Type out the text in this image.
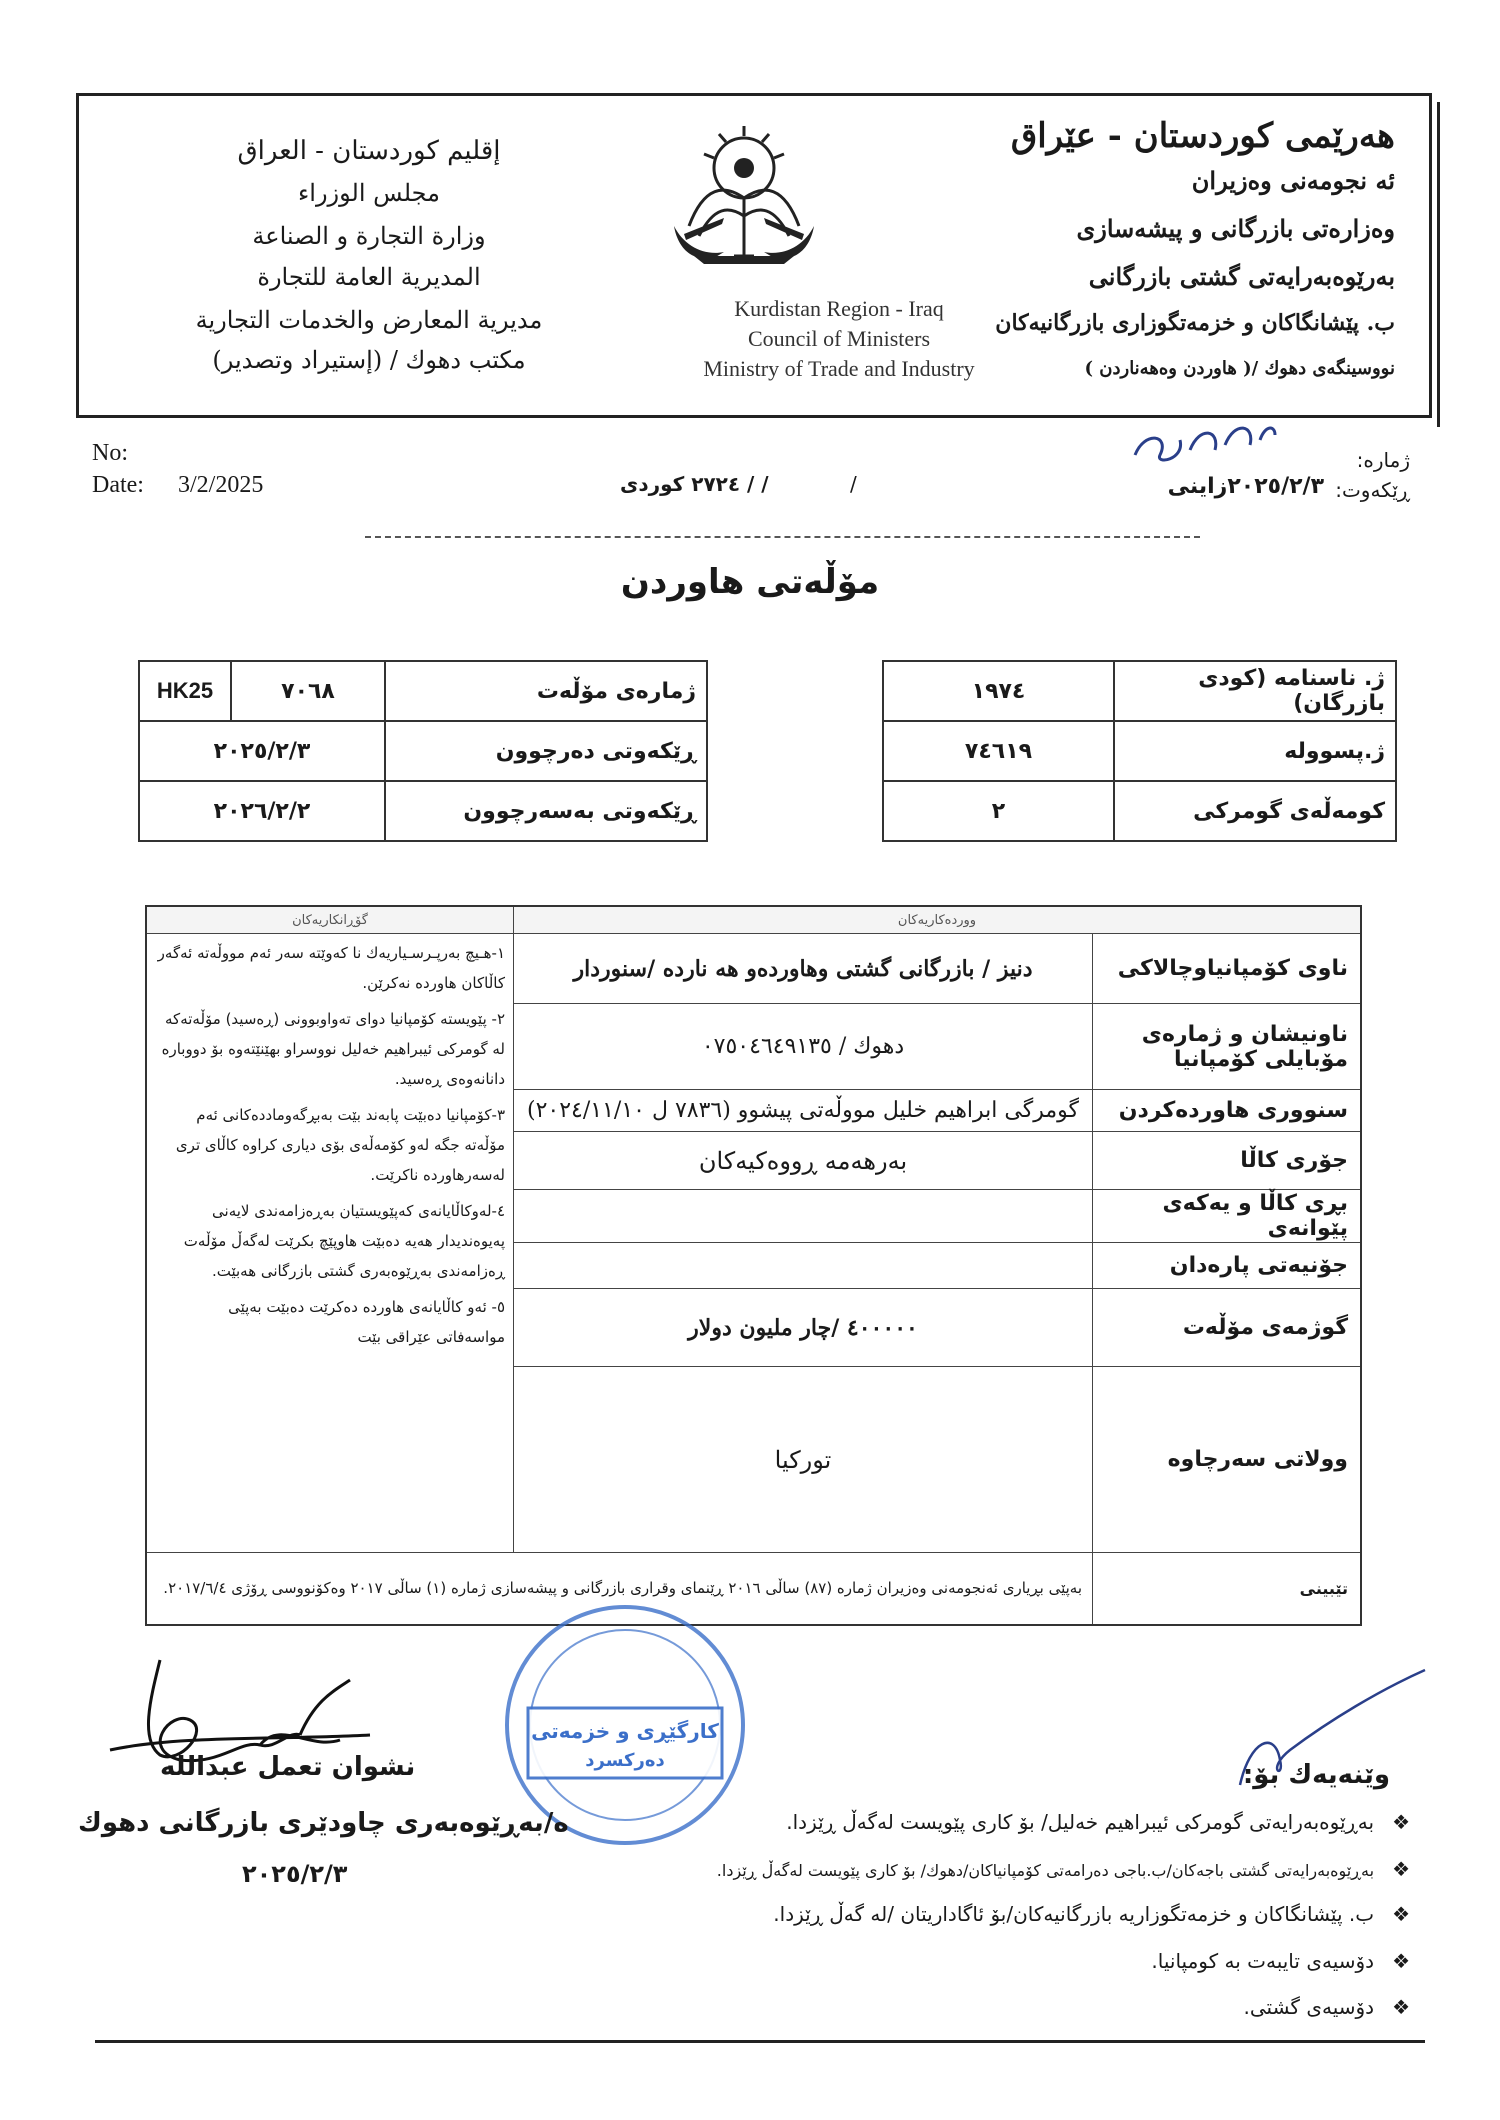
هەرێمی كوردستان - عێراق
ئه نجومەنی وەزیران
وەزارەتی بازرگانی و پیشەسازی
بەرێوەبەرایەتی گشتی بازرگانی
ب. پێشانگاكان و خزمەتگوزاری بازرگانیەكان
( هاوردن وەهەناردن )/ نووسینگەی دهوك
Kurdistan Region - Iraq
Council of Ministers
Ministry of Trade and Industry
إقليم كوردستان - العراق
مجلس الوزراء
وزارة التجارة و الصناعة
المديرية العامة للتجارة
مديرية المعارض والخدمات التجارية
(إستيراد وتصدير) / مكتب دهوك
No:
Date: 3/2/2025	/ / ٢٧٢٤ كوردی	/
ژمارە:
ڕێكەوت:
٢٠٢٥/٢/٣زاینی
مۆڵەتی هاوردن
ژ. ناسنامە (كودی بازرگان)	١٩٧٤
ژ.پسوولە	٧٤٦١٩
كومەڵەی گومركی	٢
ژمارەی مۆڵەت	٧٠٦٨	HK25
ڕێكەوتی دەرچوون	٢٠٢٥/٢/٣	
ڕێكەوتی بەسەرچوون	٢٠٢٦/٢/٢	
ووردەكاریەكان		گۆڕانكاریەكان
ناوی كۆمپانیاوچالاكی	دنیز / بازرگانی گشتی وهاوردەو هە ناردە /سنوردار	١-هـیچ بەرپـرسـیاریەك نا كەوێتە سەر ئەم مووڵەتە ئەگەر كاڵاكان هاوردە نەكرێن.
٢- پێویستە كۆمپانیا دوای تەواوبوونی (ڕەسید) مۆڵەتەكە لە گومركی ئیبراهیم خەلیل نووسراو بهێنێتەوە بۆ دووبارە دانانەوەی ڕەسید.
٣-كۆمپانیا دەبێت پابەند بێت بەبڕگەوماددەكانی ئەم مۆڵەتە جگە لەو كۆمەڵەی بۆی دیاری كراوە كاڵای تری لەسەرهاوردە ناكرێت.
٤-لەوكاڵایانەی كەپێویستیان بەڕەزامەندی لایەنی پەیوەندیدار هەیە دەبێت هاوپێچ بكرێت لەگەڵ مۆڵەت ڕەزامەندی بەڕێوەبەری گشتی بازرگانی هەبێت.
٥- ئەو كاڵایانەی هاوردە دەكرێت دەبێت بەپێی مواسەفاتی عێراقی بێت

ناونیشان و ژمارەی مۆبایلی كۆمپانیا	دهوك / ٠٧٥٠٤٦٤٩١٣٥	
سنووری هاوردەكردن	گومرگی ابراهیم خلیل مووڵەتی پیشوو (٧٨٣٦ ل ٢٠٢٤/١١/١٠)	
جۆری كاڵا	بەرهەمە ڕووەكیەكان	
بڕی كاڵا و یەكەی پێوانەی		
جۆنیەتی پارەدان		
گوژمەی مۆڵەت	٤٠٠٠٠٠ /چار ملیون دولار	
وولاتی سەرچاوە	توركیا	
تێبینی	بەپێی بڕیاری ئەنجومەنی وەزیران ژمارە (٨٧) ساڵی ٢٠١٦ ڕێنمای وقراری بازرگانی و پیشەسازی ژمارە (١) ساڵی ٢٠١٧ وەكۆنووسی ڕۆژی ٢٠١٧/٦/٤.	
كارگێڕی و خزمەتی
دەركسرد
نشوان تعمل عبدالله
ه/بەڕێوەبەری چاودێری بازرگانی دهوك
٢٠٢٥/٢/٣
وێنەیەك بۆ:
❖بەڕێوەبەرایەتی گومركی ئیبراهیم خەلیل/ بۆ كاری پێویست لەگەڵ ڕێزدا.
❖بەڕێوەبەرایەتی گشتی باجەكان/ب.باجی دەرامەتی كۆمپانیاكان/دهوك/ بۆ كاری پێویست لەگەڵ ڕێزدا.
❖ب. پێشانگاكان و خزمەتگوزاریە بازرگانیەكان/بۆ ئاگاداریتان /لە گەڵ ڕێزدا.
❖دۆسیەی تایبەت بە كومپانیا.
❖دۆسیەی گشتی.
